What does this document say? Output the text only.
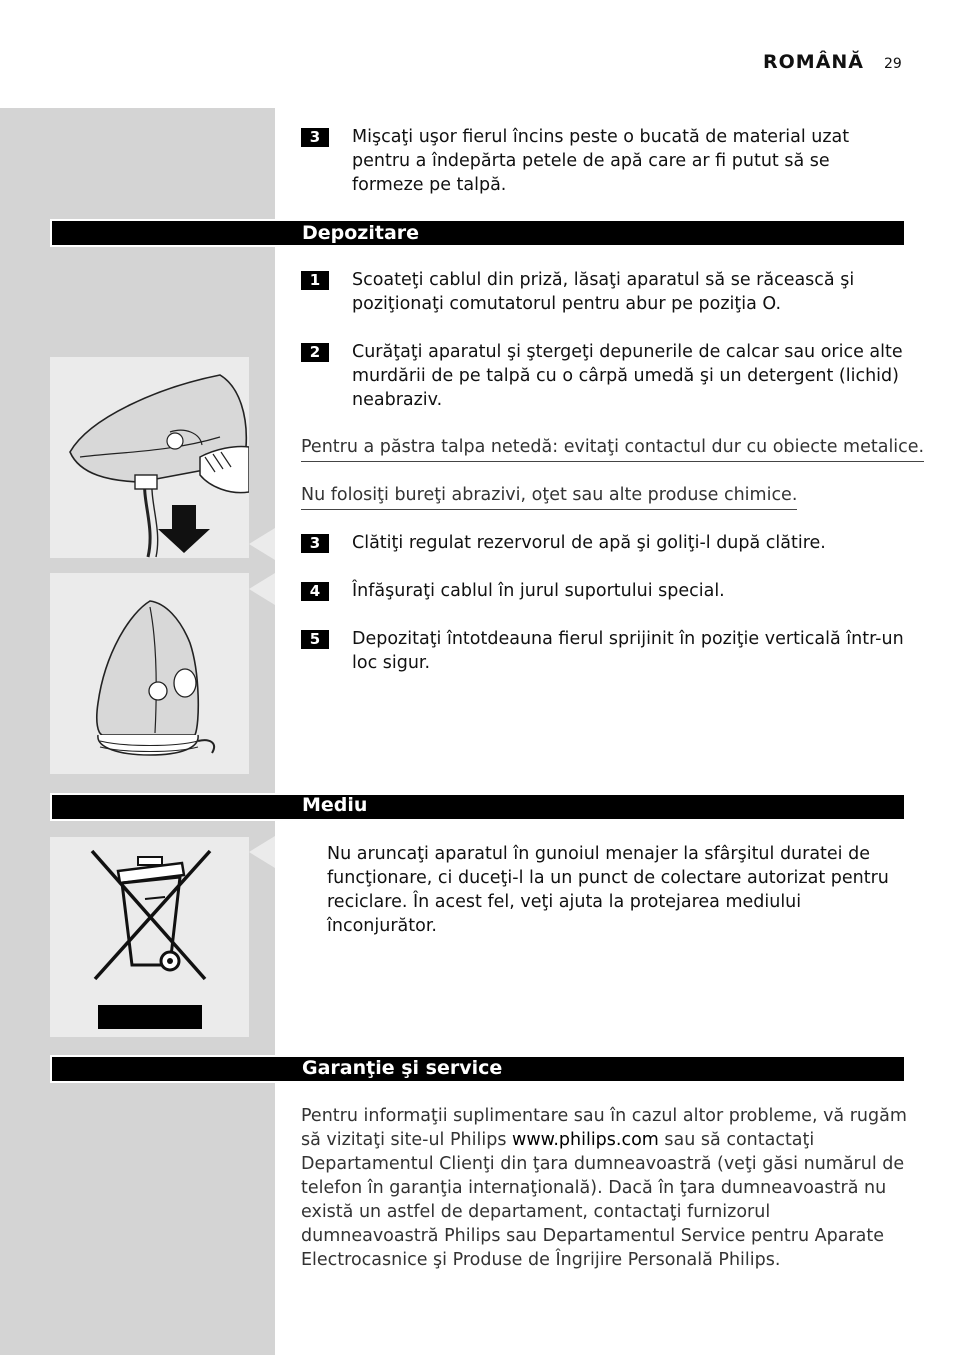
ROMÂNĂ 29
3	Mişcaţi uşor fierul încins peste o bucată de material uzat pentru a îndepărta petele de apă care ar fi putut să se formeze pe talpă.
Depozitare
1	Scoateţi cablul din priză, lăsaţi aparatul să se răcească şi poziţionaţi comutatorul pentru abur pe poziţia O.
2	Curăţaţi aparatul şi ştergeţi depunerile de calcar sau orice alte murdării de pe talpă cu o cârpă umedă şi un detergent (lichid) neabraziv.
Pentru a păstra talpa netedă: evitaţi contactul dur cu obiecte metalice.
Nu folosiţi bureţi abrazivi, oţet sau alte produse chimice.
3	Clătiţi regulat rezervorul de apă şi goliţi-l după clătire.
4	Înfăşuraţi cablul în jurul suportului special.
5	Depozitaţi întotdeauna fierul sprijinit în poziţie verticală într-un loc sigur.
Mediu
Nu aruncaţi aparatul în gunoiul menajer la sfârşitul duratei de funcţionare, ci duceţi-l la un punct de colectare autorizat pentru reciclare. În acest fel, veţi ajuta la protejarea mediului înconjurător.
Garanţie şi service
Pentru informaţii suplimentare sau în cazul altor probleme, vă rugăm să vizitaţi site-ul Philips www.philips.com sau să contactaţi Departamentul Clienţi din ţara dumneavoastră (veţi găsi numărul de telefon în garanţia internaţională). Dacă în ţara dumneavoastră nu există un astfel de departament, contactaţi furnizorul dumneavoastră Philips sau Departamentul Service pentru Aparate Electrocasnice şi Produse de Îngrijire Personală Philips.
